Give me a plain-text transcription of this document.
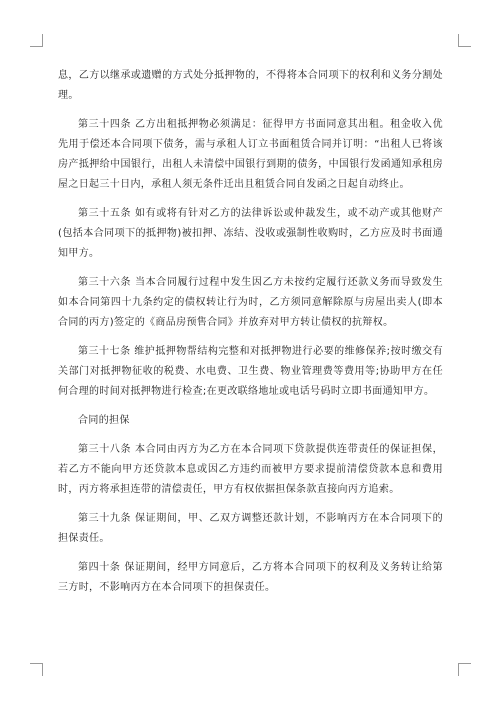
息，乙方以继承或遗赠的方式处分抵押物的，不得将本合同项下的权利和义务分割处理。

第三十四条 乙方出租抵押物必须满足：征得甲方书面同意其出租。租金收入优先用于偿还本合同项下债务，需与承租人订立书面租赁合同并订明：“出租人已将该房产抵押给中国银行，出租人未清偿中国银行到期的债务，中国银行发函通知承租房屋之日起三十日内，承租人须无条件迁出且租赁合同自发函之日起自动终止。

第三十五条 如有或将有针对乙方的法律诉讼或仲裁发生，或不动产或其他财产(包括本合同项下的抵押物)被扣押、冻结、没收或强制性收购时，乙方应及时书面通知甲方。

第三十六条 当本合同履行过程中发生因乙方未按约定履行还款义务而导致发生如本合同第四十九条约定的债权转让行为时，乙方须同意解除原与房屋出卖人(即本合同的丙方)签定的《商品房预售合同》并放弃对甲方转让债权的抗辩权。

第三十七条 维护抵押物帮结构完整和对抵押物进行必要的维修保养;按时缴交有关部门对抵押物征收的税费、水电费、卫生费、物业管理费等费用等;协助甲方在任何合理的时间对抵押物进行检查;在更改联络地址或电话号码时立即书面通知甲方。

合同的担保

第三十八条 本合同由丙方为乙方在本合同项下贷款提供连带责任的保证担保，若乙方不能向甲方还贷款本息或因乙方违约而被甲方要求提前清偿贷款本息和费用时，丙方将承担连带的清偿责任，甲方有权依据担保条款直接向丙方追索。

第三十九条 保证期间，甲、乙双方调整还款计划，不影响丙方在本合同项下的担保责任。

第四十条 保证期间，经甲方同意后，乙方将本合同项下的权利及义务转让给第三方时，不影响丙方在本合同项下的担保责任。
